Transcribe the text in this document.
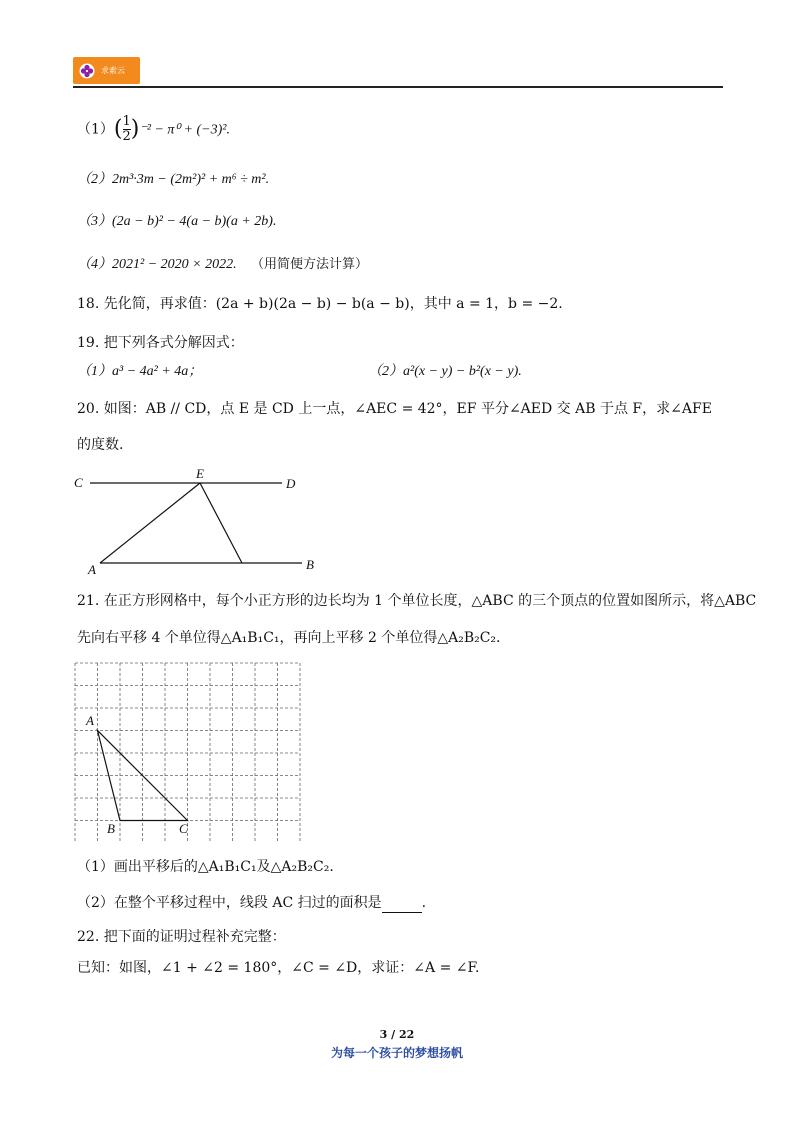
求索云
$(1)(\frac{1}{2} )^{-2} - \pi^0 + (-3)^2$.
（2）2m³·3m − (2m²)² + m⁶ ÷ m².
（3）(2a − b)² − 4(a − b)(a + 2b).
（4）2021² − 2020 × 2022. （用简便方法计算）
18. 先化简，再求值：(2a + b)(2a − b) − b(a − b)，其中 a = 1，b = −2.
19. 把下列各式分解因式：
（1）a³ − 4a² + 4a；	（2）a²(x − y) − b²(x − y).
20. 如图：AB // CD，点 E 是 CD 上一点，∠AEC = 42°，EF 平分∠AED 交 AB 于点 F，求∠AFE
的度数.
C
E
D
A	B
21. 在正方形网格中，每个小正方形的边长均为 1 个单位长度，△ABC 的三个顶点的位置如图所示，将△ABC
先向右平移 4 个单位得△A₁B₁C₁，再向上平移 2 个单位得△A₂B₂C₂.
A
B	C
（1）画出平移后的△A₁B₁C₁及△A₂B₂C₂.
（2）在整个平移过程中，线段 AC 扫过的面积是	.
22. 把下面的证明过程补充完整：
已知：如图，∠1 + ∠2 = 180°，∠C = ∠D，求证：∠A = ∠F.
3 / 22
为每一个孩子的梦想扬帆
